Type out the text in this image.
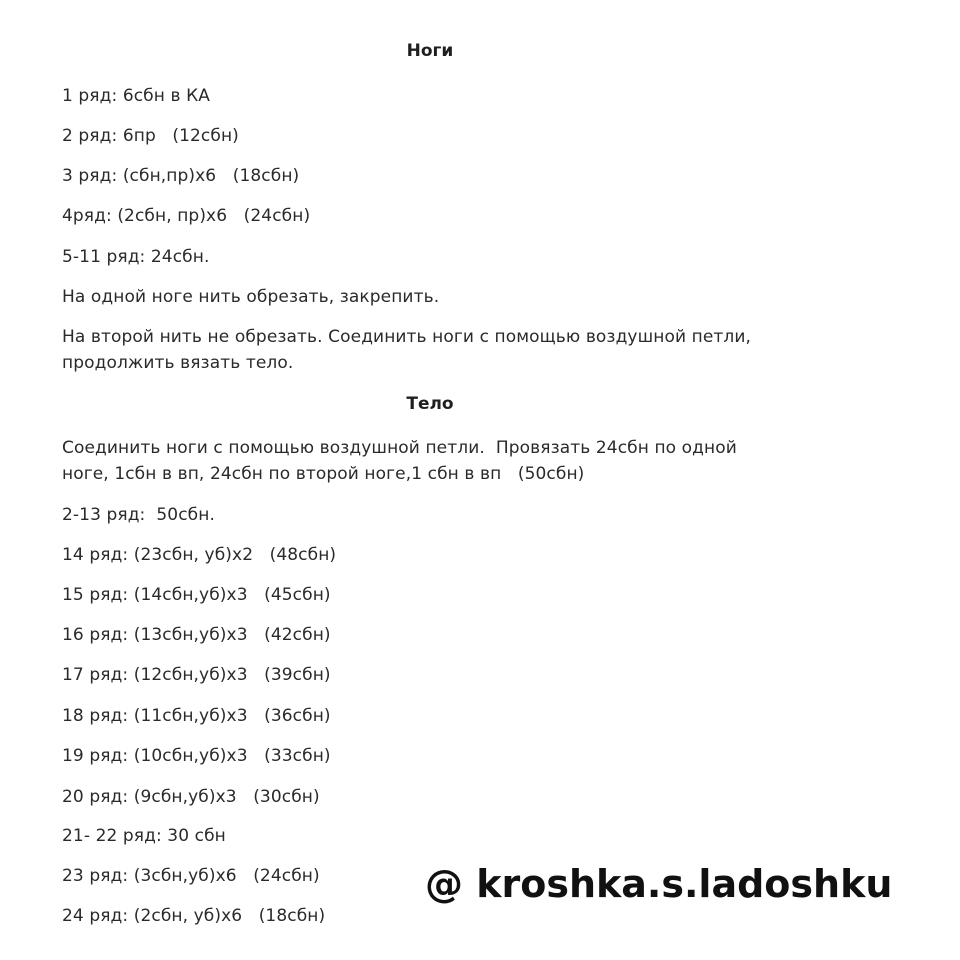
Ноги
1 ряд: 6сбн в КА
2 ряд: 6пр   (12сбн)
3 ряд: (сбн,пр)х6   (18сбн)
4ряд: (2сбн, пр)х6   (24сбн)
5-11 ряд: 24сбн.
На одной ноге нить обрезать, закрепить.
На второй нить не обрезать. Соединить ноги с помощью воздушной петли,
продолжить вязать тело.
Тело
Соединить ноги с помощью воздушной петли.  Провязать 24сбн по одной
ноге, 1сбн в вп, 24сбн по второй ноге,1 сбн в вп   (50сбн)
2-13 ряд:  50сбн.
14 ряд: (23сбн, уб)х2   (48сбн)
15 ряд: (14сбн,уб)х3   (45сбн)
16 ряд: (13сбн,уб)х3   (42сбн)
17 ряд: (12сбн,уб)х3   (39сбн)
18 ряд: (11сбн,уб)х3   (36сбн)
19 ряд: (10сбн,уб)х3   (33сбн)
20 ряд: (9сбн,уб)х3   (30сбн)
21- 22 ряд: 30 сбн
23 ряд: (3сбн,уб)х6   (24сбн)
24 ряд: (2сбн, уб)х6   (18сбн)
@ kroshka.s.ladoshku
